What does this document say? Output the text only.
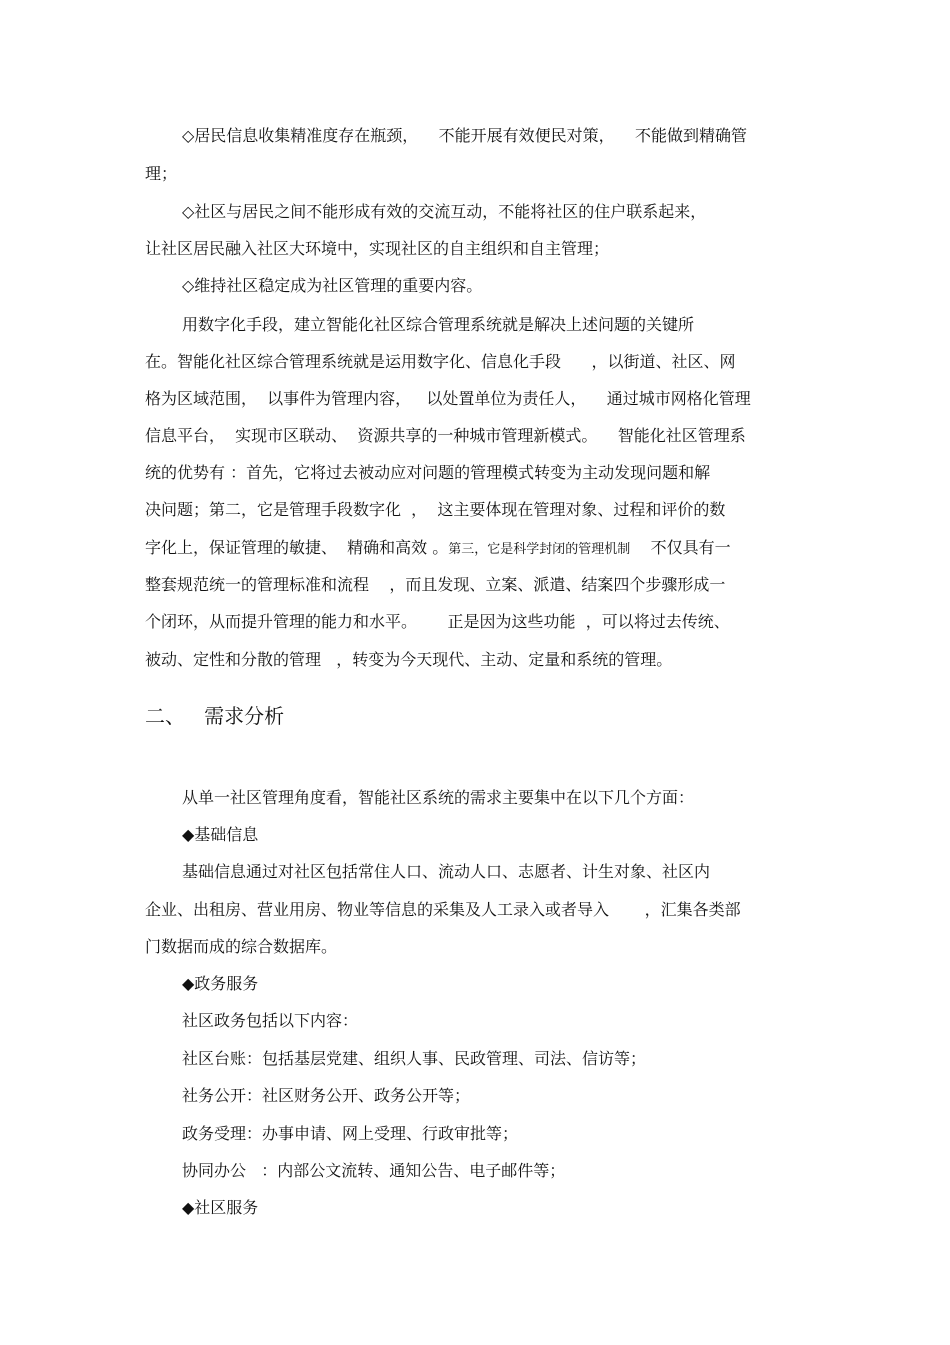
◇居民信息收集精准度存在瓶颈，    不能开展有效便民对策，    不能做到精确管

理；

◇社区与居民之间不能形成有效的交流互动，不能将社区的住户联系起来，

让社区居民融入社区大环境中，实现社区的自主组织和自主管理；

◇维持社区稳定成为社区管理的重要内容。

用数字化手段，建立智能化社区综合管理系统就是解决上述问题的关键所

在。智能化社区综合管理系统就是运用数字化、信息化手段      ，以街道、社区、网

格为区域范围，  以事件为管理内容，   以处置单位为责任人，    通过城市网格化管理

信息平台，  实现市区联动、  资源共享的一种城市管理新模式。    智能化社区管理系

统的优势有 ：首先，它将过去被动应对问题的管理模式转变为主动发现问题和解

决问题；第二，它是管理手段数字化  ，  这主要体现在管理对象、过程和评价的数

字化上，保证管理的敏捷、  精确和高效 。第三，它是科学封闭的管理机制    不仅具有一

整套规范统一的管理标准和流程    ，而且发现、立案、派遣、结案四个步骤形成一

个闭环，从而提升管理的能力和水平。      正是因为这些功能  ，可以将过去传统、

被动、定性和分散的管理   ，转变为今天现代、主动、定量和系统的管理。

二、   需求分析

从单一社区管理角度看，智能社区系统的需求主要集中在以下几个方面：

◆基础信息

基础信息通过对社区包括常住人口、流动人口、志愿者、计生对象、社区内

企业、出租房、营业用房、物业等信息的采集及人工录入或者导入       ，汇集各类部

门数据而成的综合数据库。

◆政务服务

社区政务包括以下内容：

社区台账：包括基层党建、组织人事、民政管理、司法、信访等；

社务公开：社区财务公开、政务公开等；

政务受理：办事申请、网上受理、行政审批等；

协同办公   ：内部公文流转、通知公告、电子邮件等；

◆社区服务
